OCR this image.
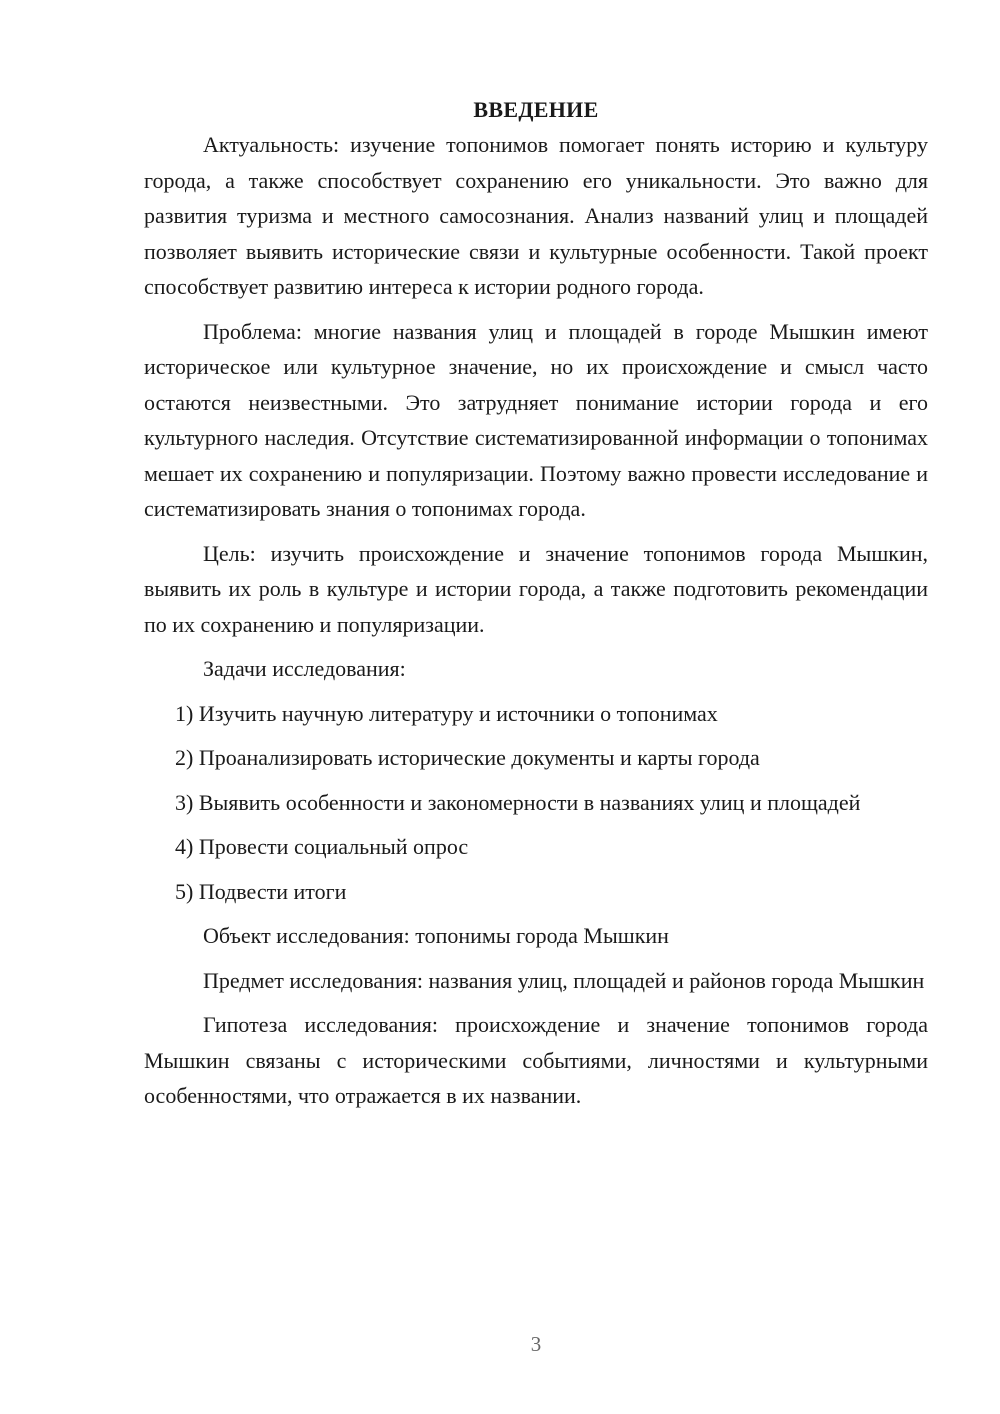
ВВЕДЕНИЕ

Актуальность: изучение топонимов помогает понять историю и культуру города, а также способствует сохранению его уникальности. Это важно для развития туризма и местного самосознания. Анализ названий улиц и площадей позволяет выявить исторические связи и культурные особенности. Такой проект способствует развитию интереса к истории родного города.

Проблема: многие названия улиц и площадей в городе Мышкин имеют историческое или культурное значение, но их происхождение и смысл часто остаются неизвестными. Это затрудняет понимание истории города и его культурного наследия. Отсутствие систематизированной информации о топонимах мешает их сохранению и популяризации. Поэтому важно провести исследование и систематизировать знания о топонимах города.

Цель: изучить происхождение и значение топонимов города Мышкин, выявить их роль в культуре и истории города, а также подготовить рекомендации по их сохранению и популяризации.

Задачи исследования:

1) Изучить научную литературу и источники о топонимах

2) Проанализировать исторические документы и карты города

3) Выявить особенности и закономерности в названиях улиц и площадей

4) Провести социальный опрос

5) Подвести итоги

Объект исследования: топонимы города Мышкин

Предмет исследования: названия улиц, площадей и районов города Мышкин

Гипотеза исследования: происхождение и значение топонимов города Мышкин связаны с историческими событиями, личностями и культурными особенностями, что отражается в их названии.

3
